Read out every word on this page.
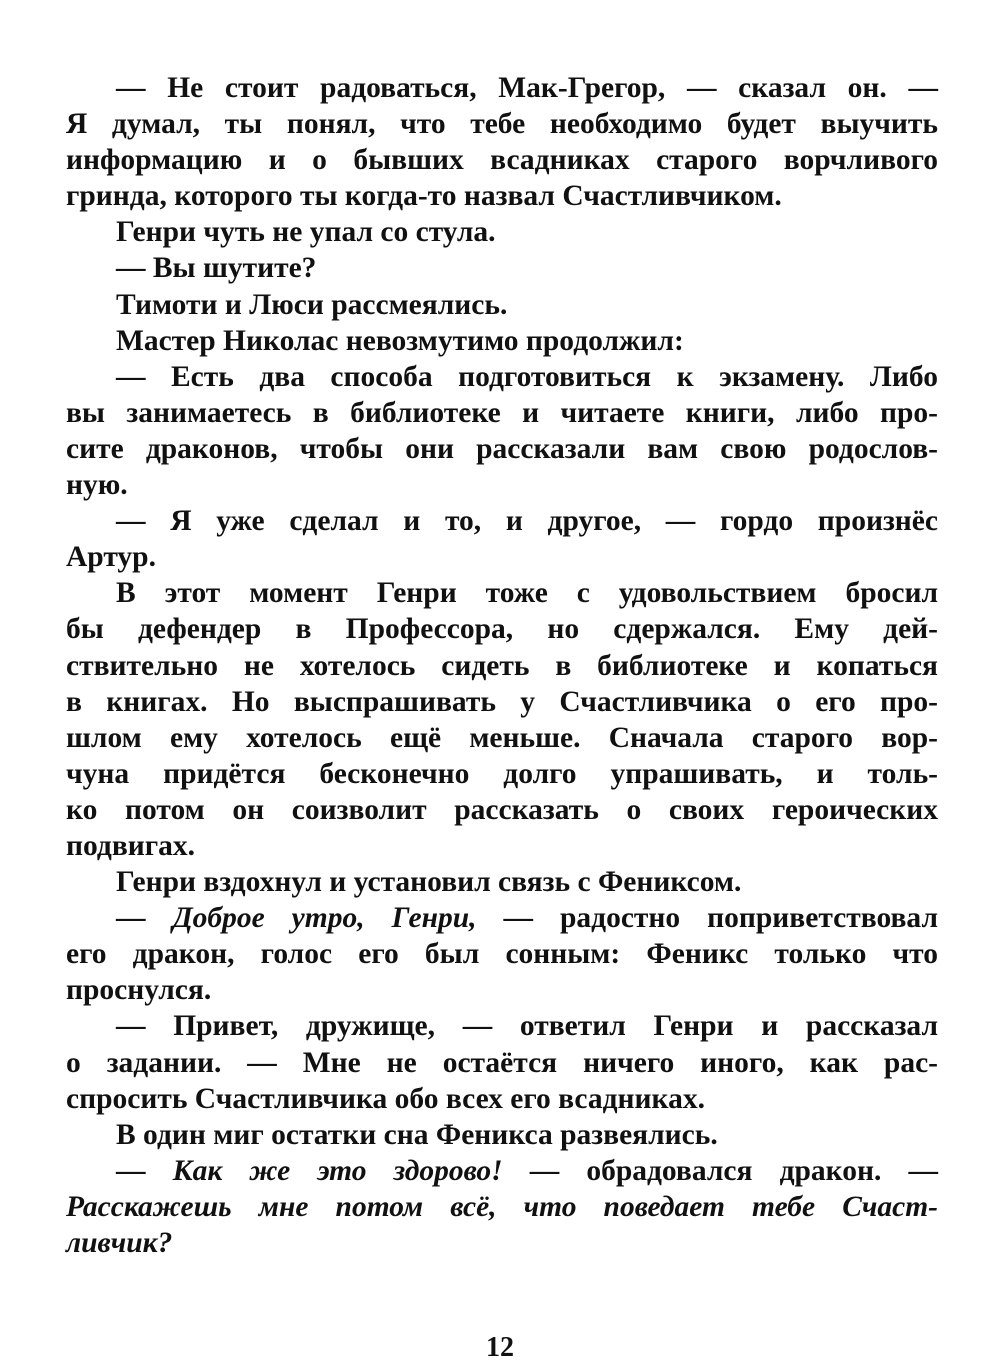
— Не стоит радоваться, Мак-Грегор, — сказал он. —
Я думал, ты понял, что тебе необходимо будет выучить
информацию и о бывших всадниках старого ворчливого
гринда, которого ты когда-то назвал Счастливчиком.
Генри чуть не упал со стула.
— Вы шутите?
Тимоти и Люси рассмеялись.
Мастер Николас невозмутимо продолжил:
— Есть два способа подготовиться к экзамену. Либо
вы занимаетесь в библиотеке и читаете книги, либо про-
сите драконов, чтобы они рассказали вам свою родослов-
ную.
— Я уже сделал и то, и другое, — гордо произнёс
Артур.
В этот момент Генри тоже с удовольствием бросил
бы дефендер в Профессора, но сдержался. Ему дей-
ствительно не хотелось сидеть в библиотеке и копаться
в книгах. Но выспрашивать у Счастливчика о его про-
шлом ему хотелось ещё меньше. Сначала старого вор-
чуна придётся бесконечно долго упрашивать, и толь-
ко потом он соизволит рассказать о своих героических
подвигах.
Генри вздохнул и установил связь с Фениксом.
— Доброе утро, Генри, — радостно поприветствовал
его дракон, голос его был сонным: Феникс только что
проснулся.
— Привет, дружище, — ответил Генри и рассказал
о задании. — Мне не остаётся ничего иного, как рас-
спросить Счастливчика обо всех его всадниках.
В один миг остатки сна Феникса развеялись.
— Как же это здорово! — обрадовался дракон. —
Расскажешь мне потом всё, что поведает тебе Счаст-
ливчик?
12
